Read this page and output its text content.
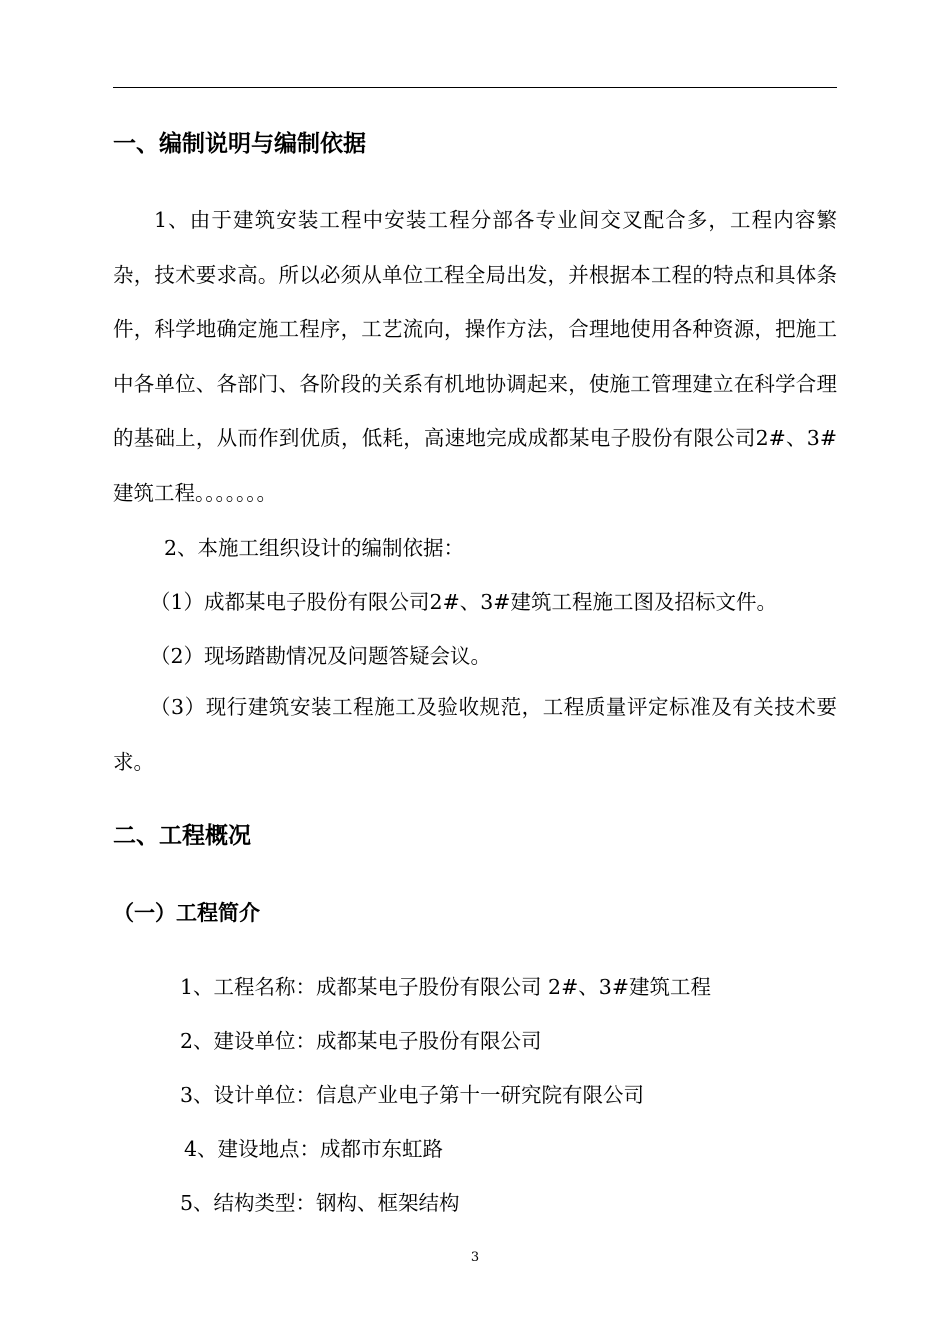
一、编制说明与编制依据

1、由于建筑安装工程中安装工程分部各专业间交叉配合多，工程内容繁杂，技术要求高。所以必须从单位工程全局出发，并根据本工程的特点和具体条件，科学地确定施工程序，工艺流向，操作方法，合理地使用各种资源，把施工中各单位、各部门、各阶段的关系有机地协调起来，使施工管理建立在科学合理的基础上，从而作到优质，低耗，高速地完成成都某电子股份有限公司2#、3#建筑工程。。。。。。。

2、本施工组织设计的编制依据：
（1）成都某电子股份有限公司2#、3#建筑工程施工图及招标文件。
（2）现场踏勘情况及问题答疑会议。

（3）现行建筑安装工程施工及验收规范，工程质量评定标准及有关技术要求。

二、工程概况
（一）工程简介
1、工程名称：成都某电子股份有限公司 2#、3#建筑工程
2、建设单位：成都某电子股份有限公司
3、设计单位：信息产业电子第十一研究院有限公司
4、建设地点：成都市东虹路
5、结构类型：钢构、框架结构
3
